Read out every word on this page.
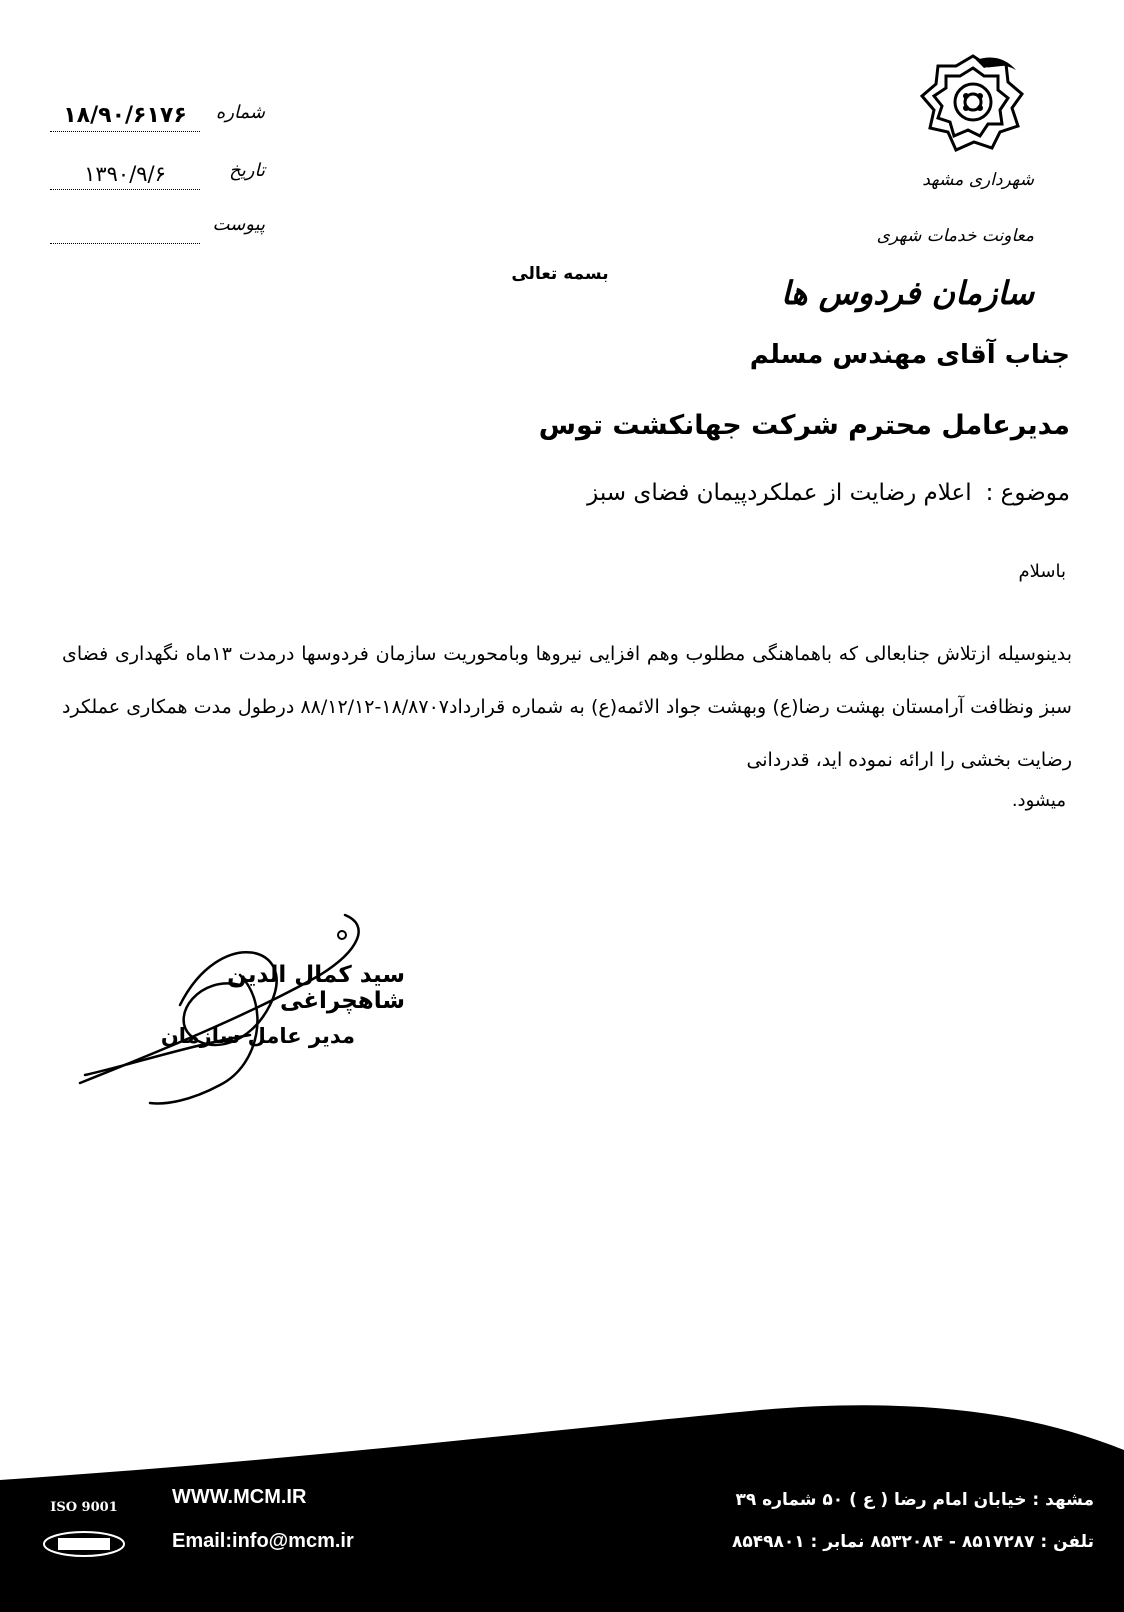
شهرداری مشهد
معاونت خدمات شهری
سازمان فردوس ها
شماره
۱۸/۹۰/۶۱۷۶
تاریخ
۱۳۹۰/۹/۶
پیوست
بسمه تعالی
جناب آقای مهندس مسلم
مدیرعامل محترم شرکت جهانکشت توس
موضوع :
اعلام رضایت از عملکردپیمان فضای سبز
باسلام
بدینوسیله ازتلاش جنابعالی که باهماهنگی مطلوب وهم افزایی نیروها وبامحوریت سازمان فردوسها درمدت ۱۳ماه نگهداری فضای سبز ونظافت آرامستان بهشت رضا(ع) وبهشت جواد الائمه(ع) به شماره قرارداد۱۸/۸۷۰۷-۸۸/۱۲/۱۲ درطول مدت همکاری عملکرد رضایت بخشی را ارائه نموده اید، قدردانی
میشود.
سید کمال الدین شاهچراغی
مدیر عامل سازمان
ISO 9001	WWW.MCM.IR
Email:info@mcm.ir
مشهد : خیابان امام رضا ( ع ) ۵۰ شماره ۳۹
تلفن : ۸۵۱۷۲۸۷ - ۸۵۳۲۰۸۴ نمابر : ۸۵۴۹۸۰۱
